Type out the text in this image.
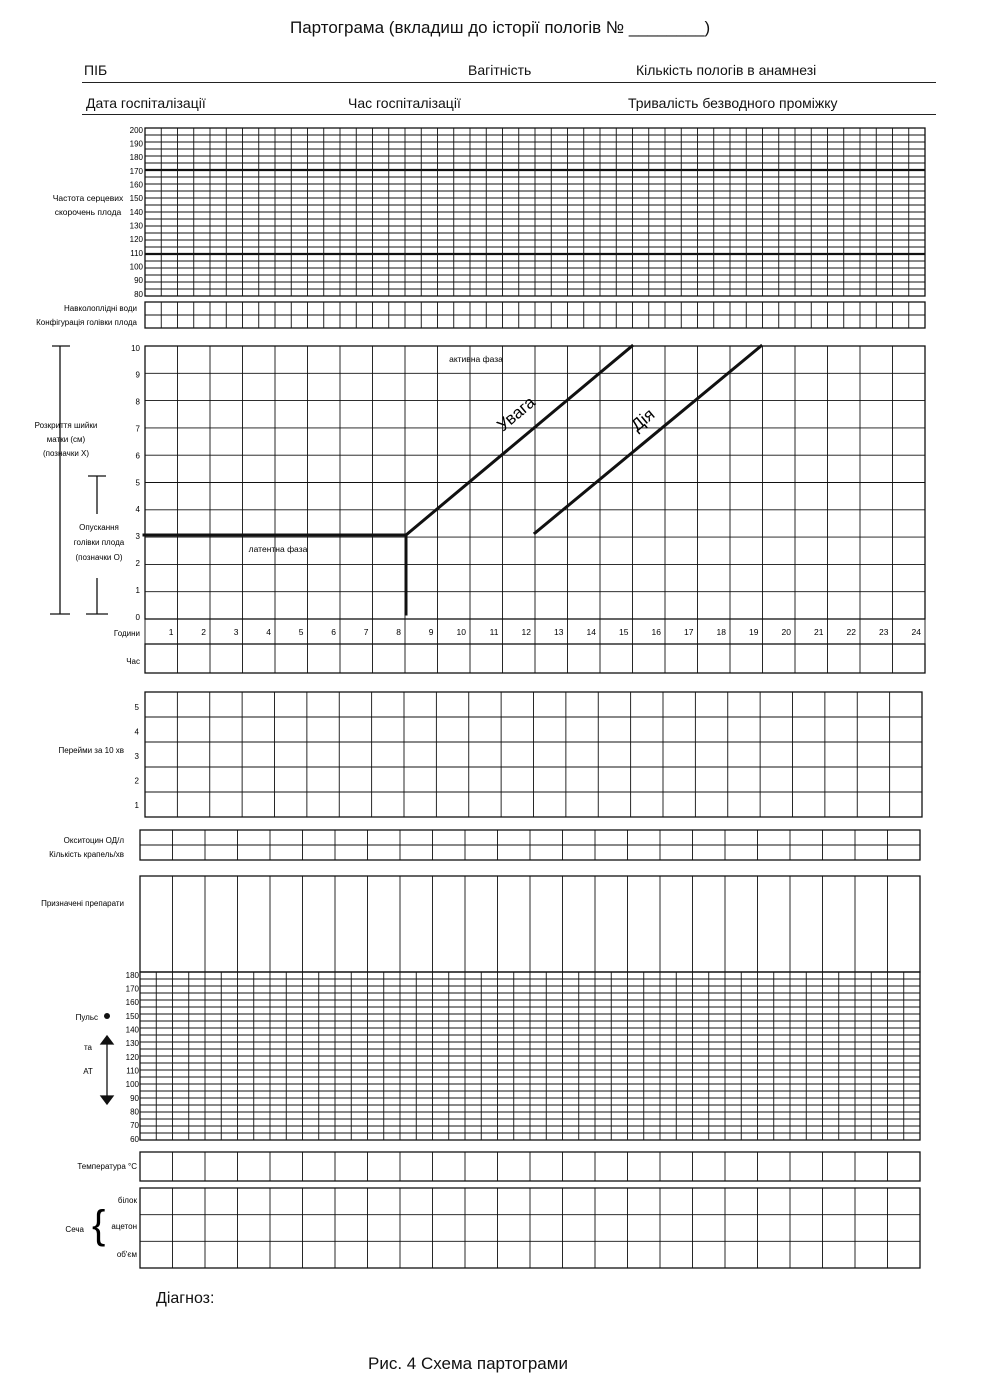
Партограма (вкладиш до історії пологів № ________)
ПІБ	Вагітність	Кількість пологів в анамнезі
Дата госпіталізації	Час госпіталізації	Тривалість безводного проміжку
200
190
180
170
160
150
140
130
120
110
100
90
80
Частота серцевих
скорочень плода
Навколоплідні води
Конфігурація голівки плода
10
9
8
7
6
5
4
3
2
1
0
1	2	3	4	5	6	7	8	9	10	11	12	13	14	15	16	17	18	19	20	21	22	23	24
Години
Час
Розкриття шийки
матки (см)
(позначки Х)
Опускання
голівки плода
(позначки О)
активна фаза
латентна фаза
Увага	Дія
5
4
3
2
1
Перейми за 10 хв
Окситоцин ОД/л
Кількість крапель/хв
Призначені препарати
180
170
160
150
140
130
120
110
100
90
80
70
60
Пульс
та
АТ
Температура °С
Сеча {
білок
ацетон
об'єм
Діагноз:
Рис. 4 Схема партограми
